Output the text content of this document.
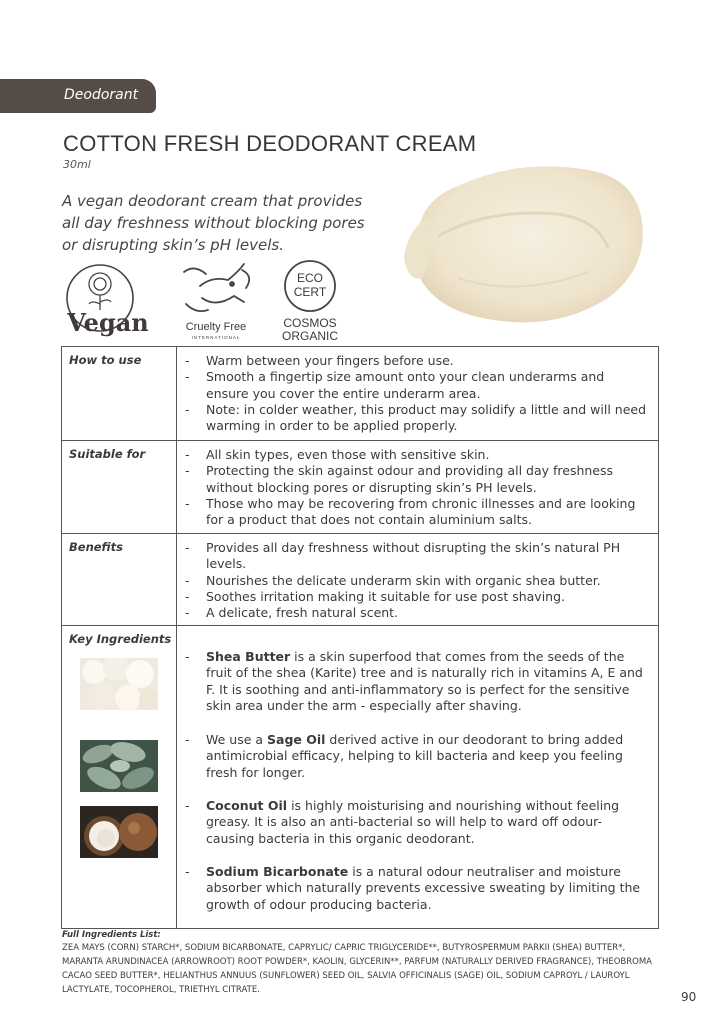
Deodorant
COTTON FRESH DEODORANT CREAM
30ml

A vegan deodorant cream that provides all day freshness without blocking pores or disrupting skin’s pH levels.

Vegan	Cruelty Free
INTERNATIONAL
ECO
CERT
COSMOS
ORGANIC
How to use	- Warm between your fingers before use.
- Smooth a fingertip size amount onto your clean underarms and ensure you cover the entire underarm area.
- Note: in colder weather, this product may solidify a little and will need warming in order to be applied properly.
Suitable for	- All skin types, even those with sensitive skin.
- Protecting the skin against odour and providing all day freshness without blocking pores or disrupting skin’s PH levels.
- Those who may be recovering from chronic illnesses and are looking for a product that does not contain aluminium salts.
Benefits	- Provides all day freshness without disrupting the skin’s natural PH levels.
- Nourishes the delicate underarm skin with organic shea butter.
- Soothes irritation making it suitable for use post shaving.
- A delicate, fresh natural scent.
Key Ingredients
-	Shea Butter is a skin superfood that comes from the seeds of the fruit of the shea (Karite) tree and is naturally rich in vitamins A, E and F. It is soothing and anti-inflammatory so is perfect for the sensitive skin area under the arm - especially after shaving.

-	We use a Sage Oil derived active in our deodorant to bring added antimicrobial efficacy, helping to kill bacteria and keep you feeling fresh for longer.

-	Coconut Oil is highly moisturising and nourishing without feeling greasy. It is also an anti-bacterial so will help to ward off odour-causing bacteria in this organic deodorant.

-	Sodium Bicarbonate is a natural odour neutraliser and moisture absorber which naturally prevents excessive sweating by limiting the growth of odour producing bacteria.

Full Ingredients List:

ZEA MAYS (CORN) STARCH*, SODIUM BICARBONATE, CAPRYLIC/ CAPRIC TRIGLYCERIDE**, BUTYROSPERMUM PARKII (SHEA) BUTTER*, MARANTA ARUNDINACEA (ARROWROOT) ROOT POWDER*, KAOLIN, GLYCERIN**, PARFUM (NATURALLY DERIVED FRAGRANCE), THEOBROMA CACAO SEED BUTTER*, HELIANTHUS ANNUUS (SUNFLOWER) SEED OIL, SALVIA OFFICINALIS (SAGE) OIL, SODIUM CAPROYL / LAUROYL LACTYLATE, TOCOPHEROL, TRIETHYL CITRATE.	90
